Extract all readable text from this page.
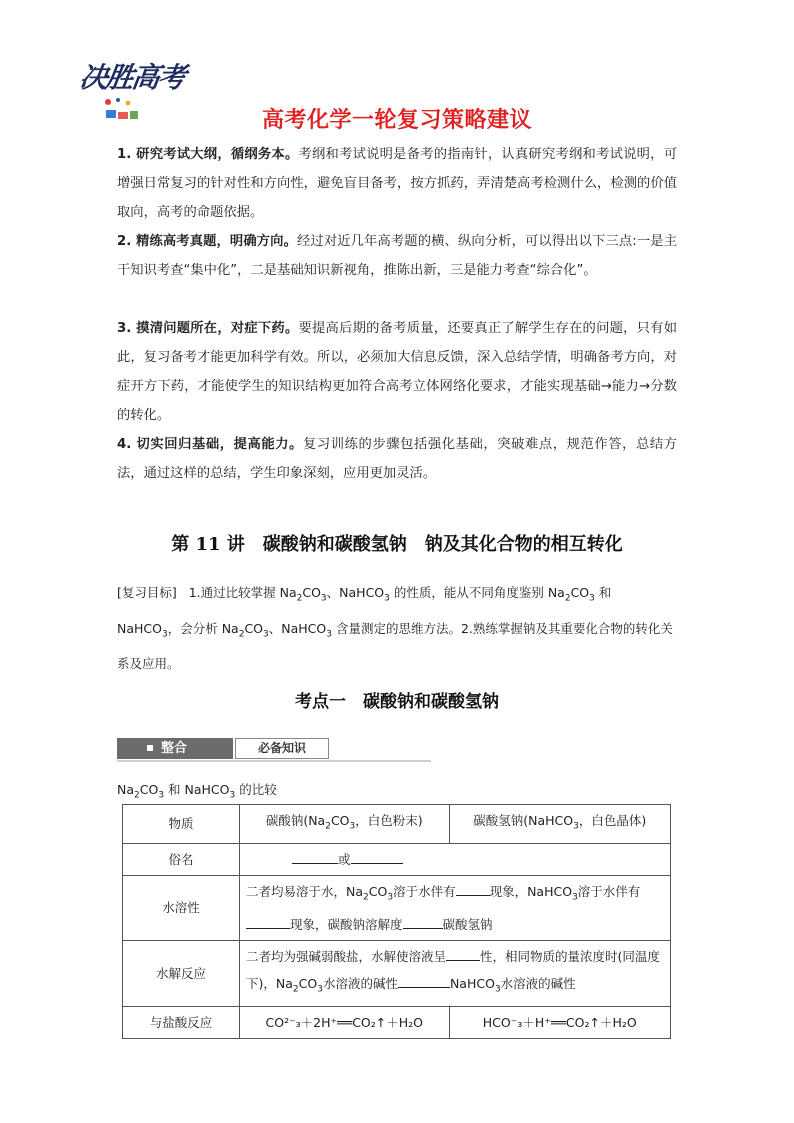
决胜高考
高考化学一轮复习策略建议
1. 研究考试大纲，循纲务本。考纲和考试说明是备考的指南针，认真研究考纲和考试说明，可增强日常复习的针对性和方向性，避免盲目备考，按方抓药，弄清楚高考检测什么，检测的价值取向，高考的命题依据。
2. 精练高考真题，明确方向。经过对近几年高考题的横、纵向分析，可以得出以下三点:一是主干知识考查“集中化”，二是基础知识新视角，推陈出新，三是能力考查“综合化”。
3. 摸清问题所在，对症下药。要提高后期的备考质量，还要真正了解学生存在的问题，只有如此，复习备考才能更加科学有效。所以，必须加大信息反馈，深入总结学情，明确备考方向，对症开方下药，才能使学生的知识结构更加符合高考立体网络化要求，才能实现基础→能力→分数的转化。
4. 切实回归基础，提高能力。复习训练的步骤包括强化基础，突破难点，规范作答，总结方法，通过这样的总结，学生印象深刻，应用更加灵活。
第 11 讲　碳酸钠和碳酸氢钠　钠及其化合物的相互转化
[复习目标] 1.通过比较掌握 $Na_2CO_3$、NaHCO$_3$ 的性质，能从不同角度鉴别 $Na_2CO_3$ 和 NaHCO$_3$，会分析 $Na_2CO_3$、NaHCO$_3$ 含量测定的思维方法。2.熟练掌握钠及其重要化合物的转化关系及应用。
考点一　碳酸钠和碳酸氢钠
整合	必备知识
$Na_2CO_3$ 和 NaHCO$_3$ 的比较
物质	碳酸钠($Na_2CO_3$，白色粉末)	碳酸氢钠(NaHCO$_3$，白色晶体)
俗名	或	
水溶性	二者均易溶于水，$Na_2CO_3$溶于水伴有 现象，NaHCO$_3$溶于水伴有
现象，碳酸钠溶解度 碳酸氢钠	
水解反应	二者均为强碱弱酸盐，水解使溶液呈 性，相同物质的量浓度时(同温度下)，$Na_2CO_3$水溶液的碱性 NaHCO$_3$水溶液的碱性	
与盐酸反应	CO²⁻₃＋2H⁺══CO₂↑＋H₂O	HCO⁻₃＋H⁺══CO₂↑＋H₂O
